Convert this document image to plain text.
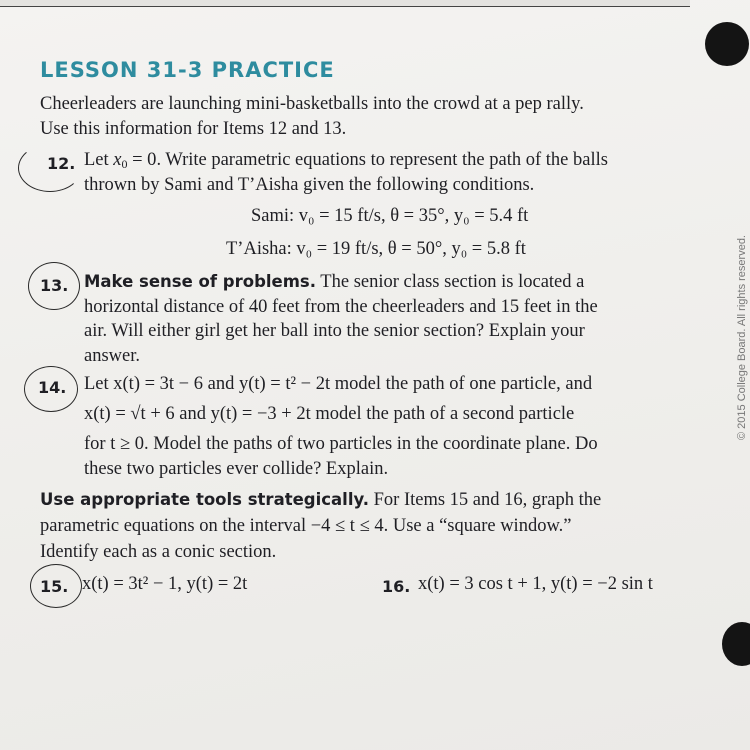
© 2015 College Board. All rights reserved.
LESSON 31-3 PRACTICE
Cheerleaders are launching mini-basketballs into the crowd at a pep rally.
Use this information for Items 12 and 13.
12. Let $x_0 = 0$. Write parametric equations to represent the path of the balls
thrown by Sami and T’Aisha given the following conditions.
Sami: v₀ = 15 ft/s, θ = 35°, y₀ = 5.4 ft
T’Aisha: v₀ = 19 ft/s, θ = 50°, y₀ = 5.8 ft
13. Make sense of problems. The senior class section is located a
horizontal distance of 40 feet from the cheerleaders and 15 feet in the
air. Will either girl get her ball into the senior section? Explain your
answer.
14. Let x(t) = 3t − 6 and y(t) = t² − 2t model the path of one particle, and
x(t) = √t + 6 and y(t) = −3 + 2t model the path of a second particle
for t ≥ 0. Model the paths of two particles in the coordinate plane. Do
these two particles ever collide? Explain.
Use appropriate tools strategically. For Items 15 and 16, graph the
parametric equations on the interval −4 ≤ t ≤ 4. Use a “square window.”
Identify each as a conic section.
15. x(t) = 3t² − 1, y(t) = 2t	16. x(t) = 3 cos t + 1, y(t) = −2 sin t
